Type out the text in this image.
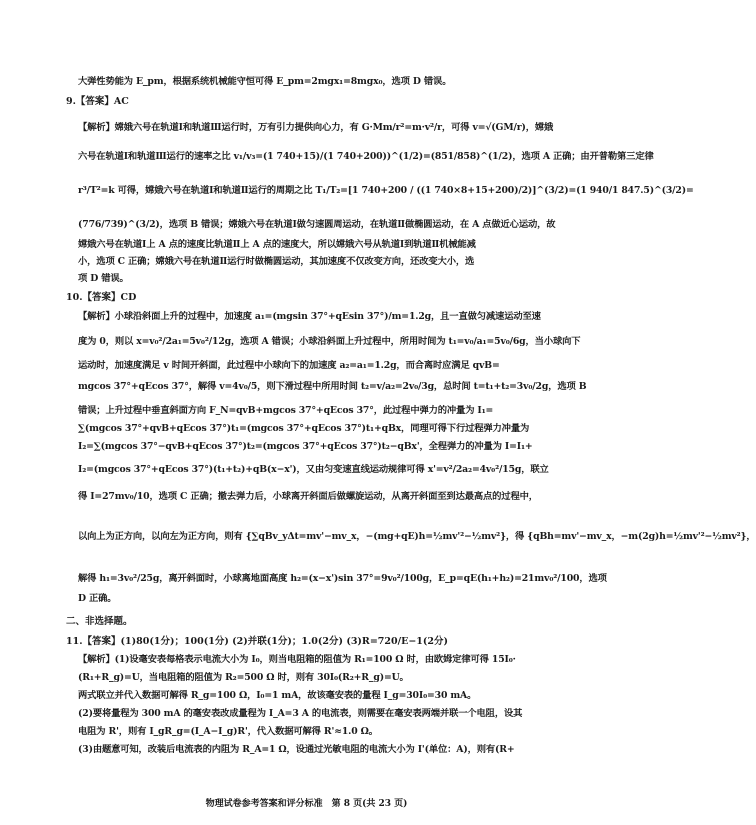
大弹性势能为 E_pm，根据系统机械能守恒可得 E_pm=2mgx₁=8mgx₀，选项 D 错误。
9.【答案】AC
【解析】嫦娥六号在轨道Ⅰ和轨道Ⅲ运行时，万有引力提供向心力，有 G·Mm/r²=m·v²/r，可得 v=√(GM/r)，嫦娥
六号在轨道Ⅰ和轨道Ⅲ运行的速率之比 v₁/v₃=(1 740+15)/(1 740+200))^(1/2)=(851/858)^(1/2)，选项 A 正确；由开普勒第三定律
r³/T²=k 可得，嫦娥六号在轨道Ⅰ和轨道Ⅱ运行的周期之比 T₁/T₂=[1 740+200 / ((1 740×8+15+200)/2)]^(3/2)=(1 940/1 847.5)^(3/2)=
(776/739)^(3/2)，选项 B 错误；嫦娥六号在轨道Ⅰ做匀速圆周运动，在轨道Ⅱ做椭圆运动，在 A 点做近心运动，故
嫦娥六号在轨道Ⅰ上 A 点的速度比轨道Ⅱ上 A 点的速度大，所以嫦娥六号从轨道Ⅰ到轨道Ⅱ机械能减
小，选项 C 正确；嫦娥六号在轨道Ⅱ运行时做椭圆运动，其加速度不仅改变方向，还改变大小，选
项 D 错误。
10.【答案】CD
【解析】小球沿斜面上升的过程中，加速度 a₁=(mgsin 37°+qEsin 37°)/m=1.2g，且一直做匀减速运动至速
度为 0，则以 x=v₀²/2a₁=5v₀²/12g，选项 A 错误；小球沿斜面上升过程中，所用时间为 t₁=v₀/a₁=5v₀/6g，当小球向下
运动时，加速度满足 v 时间开斜面，此过程中小球向下的加速度 a₂=a₁=1.2g，而合离时应满足 qvB=
mgcos 37°+qEcos 37°，解得 v=4v₀/5，则下滑过程中所用时间 t₂=v/a₂=2v₀/3g，总时间 t=t₁+t₂=3v₀/2g，选项 B
错误；上升过程中垂直斜面方向 F_N=qvB+mgcos 37°+qEcos 37°，此过程中弹力的冲量为 I₁=
∑(mgcos 37°+qvB+qEcos 37°)t₁=(mgcos 37°+qEcos 37°)t₁+qBx，同理可得下行过程弹力冲量为
I₂=∑(mgcos 37°−qvB+qEcos 37°)t₂=(mgcos 37°+qEcos 37°)t₂−qBx'，全程弹力的冲量为 I=I₁+
I₂=(mgcos 37°+qEcos 37°)(t₁+t₂)+qB(x−x')，又由匀变速直线运动规律可得 x'=v²/2a₂=4v₀²/15g，联立
得 I=27mv₀/10，选项 C 正确；撤去弹力后，小球离开斜面后做螺旋运动，从离开斜面至到达最高点的过程中，
以向上为正方向，以向左为正方向，则有 {∑qBv_yΔt=mv'−mv_x，−(mg+qE)h=½mv'²−½mv²}，得 {qBh=mv'−mv_x，−m(2g)h=½mv'²−½mv²}，
解得 h₁=3v₀²/25g，离开斜面时，小球离地面高度 h₂=(x−x')sin 37°=9v₀²/100g，E_p=qE(h₁+h₂)=21mv₀²/100，选项
D 正确。
二、非选择题。
11.【答案】(1)80(1分)；100(1分) (2)并联(1分)；1.0(2分) (3)R=720/E−1(2分)
【解析】(1)设毫安表每格表示电流大小为 I₀，则当电阻箱的阻值为 R₁=100 Ω 时，由欧姆定律可得 15I₀·
(R₁+R_g)=U，当电阻箱的阻值为 R₂=500 Ω 时，则有 30I₀(R₂+R_g)=U。
两式联立并代入数据可解得 R_g=100 Ω，I₀=1 mA，故该毫安表的量程 I_g=30I₀=30 mA。
(2)要将量程为 300 mA 的毫安表改成量程为 I_A=3 A 的电流表，则需要在毫安表两端并联一个电阻，设其
电阻为 R'，则有 I_gR_g=(I_A−I_g)R'，代入数据可解得 R'≈1.0 Ω。
(3)由题意可知，改装后电流表的内阻为 R_A=1 Ω，设通过光敏电阻的电流大小为 I'(单位：A)，则有(R+
物理试卷参考答案和评分标准　第 8 页(共 23 页)
